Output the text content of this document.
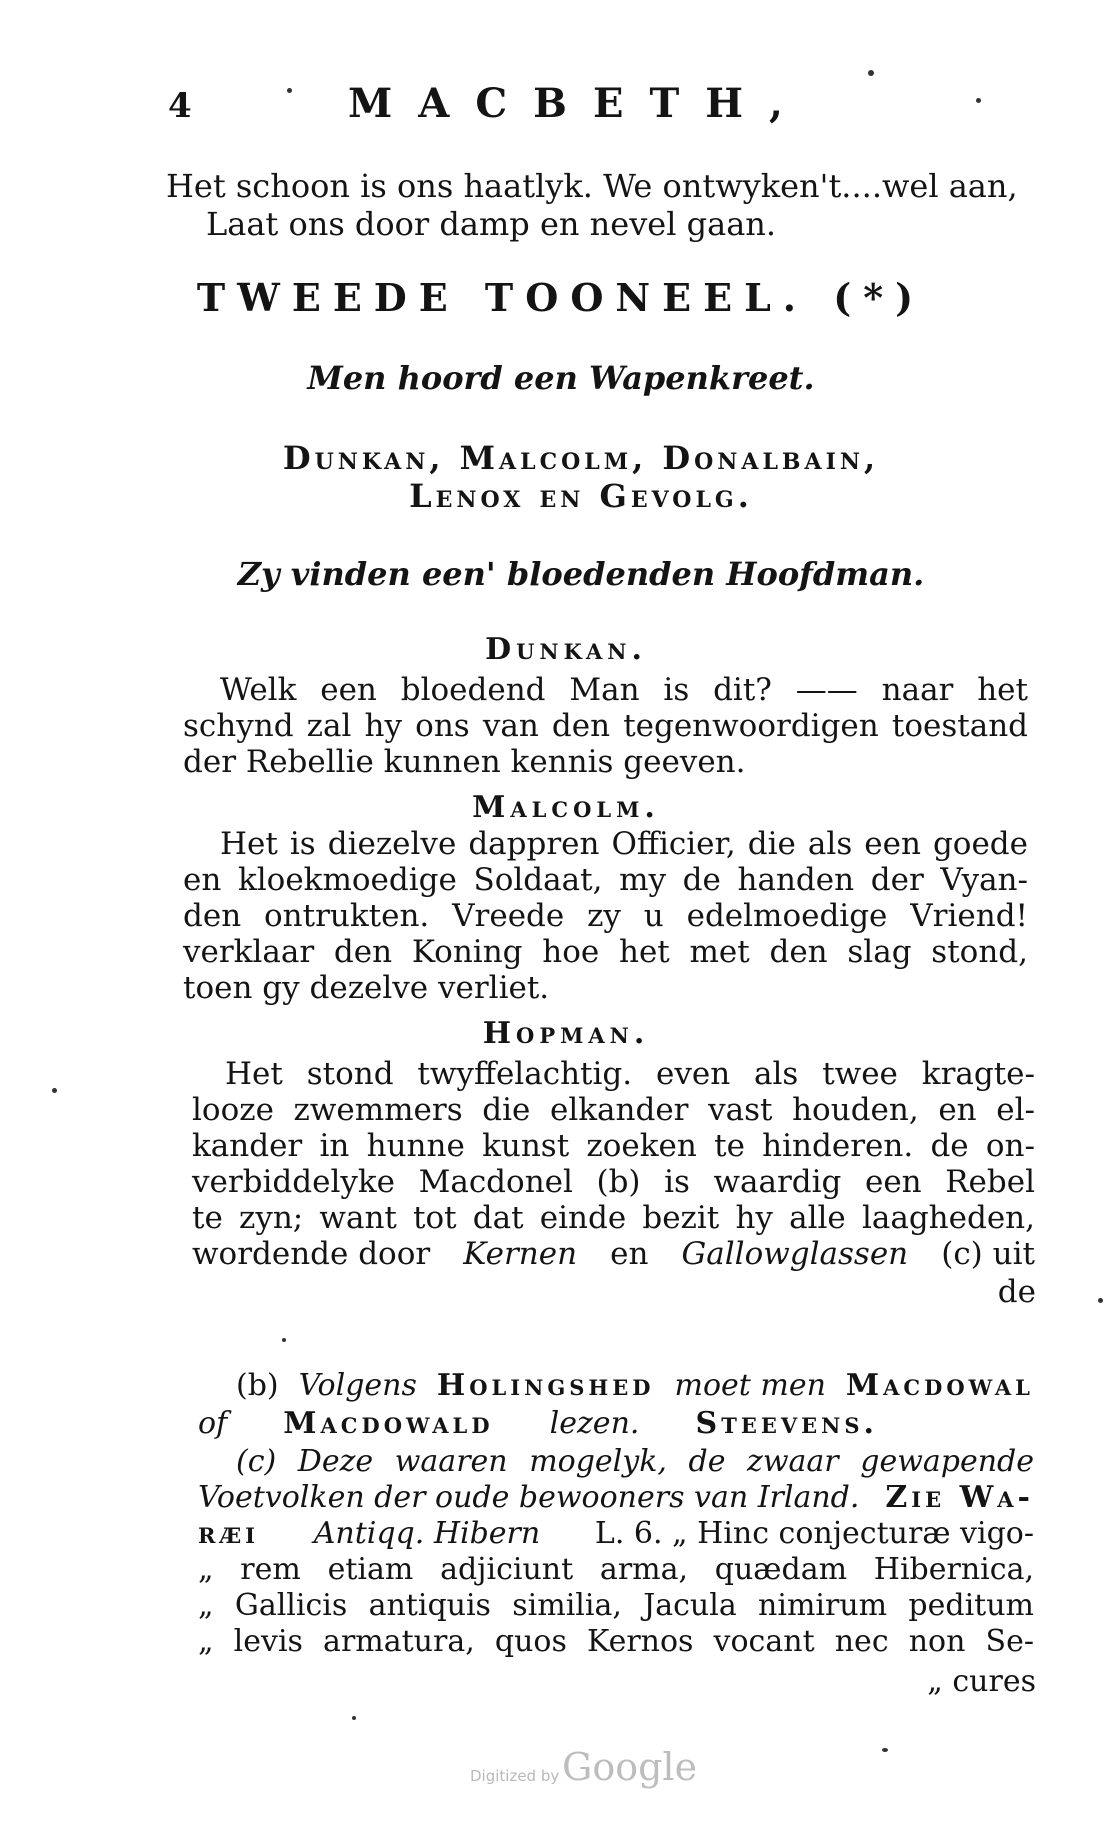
4	MACBETH,
Het schoon is ons haatlyk. We ontwyken't....wel aan,
Laat ons door damp en nevel gaan.
TWEEDE TOONEEL. (*)
Men hoord een Wapenkreet.
Dunkan, Malcolm, Donalbain,
Lenox en Gevolg.
Zy vinden een' bloedenden Hoofdman.
Dunkan.
Welk een bloedend Man is dit? —— naar het
schynd zal hy ons van den tegenwoordigen toestand
der Rebellie kunnen kennis geeven.
Malcolm.
Het is diezelve dappren Officier, die als een goede
en kloekmoedige Soldaat, my de handen der Vyan-
den ontrukten. Vreede zy u edelmoedige Vriend!
verklaar den Koning hoe het met den slag stond,
toen gy dezelve verliet.
Hopman.
Het stond twyffelachtig. even als twee kragte-
looze zwemmers die elkander vast houden, en el-
kander in hunne kunst zoeken te hinderen. de on-
verbiddelyke Macdonel (b) is waardig een Rebel
te zyn; want tot dat einde bezit hy alle laagheden,
wordende door Kernen en Gallowglassen (c) uit
de
(b) Volgens Holingshed moet men Macdowal
of Macdowald lezen. Steevens.
(c) Deze waaren mogelyk, de zwaar gewapende
Voetvolken der oude bewooners van Irland. Zie Wa-
ræi Antiqq. Hibern L. 6. „ Hinc conjecturæ vigo-
„ rem etiam adjiciunt arma, quædam Hibernica,
„ Gallicis antiquis similia, Jacula nimirum peditum
„ levis armatura, quos Kernos vocant nec non Se-
„ cures
Digitized by Google
